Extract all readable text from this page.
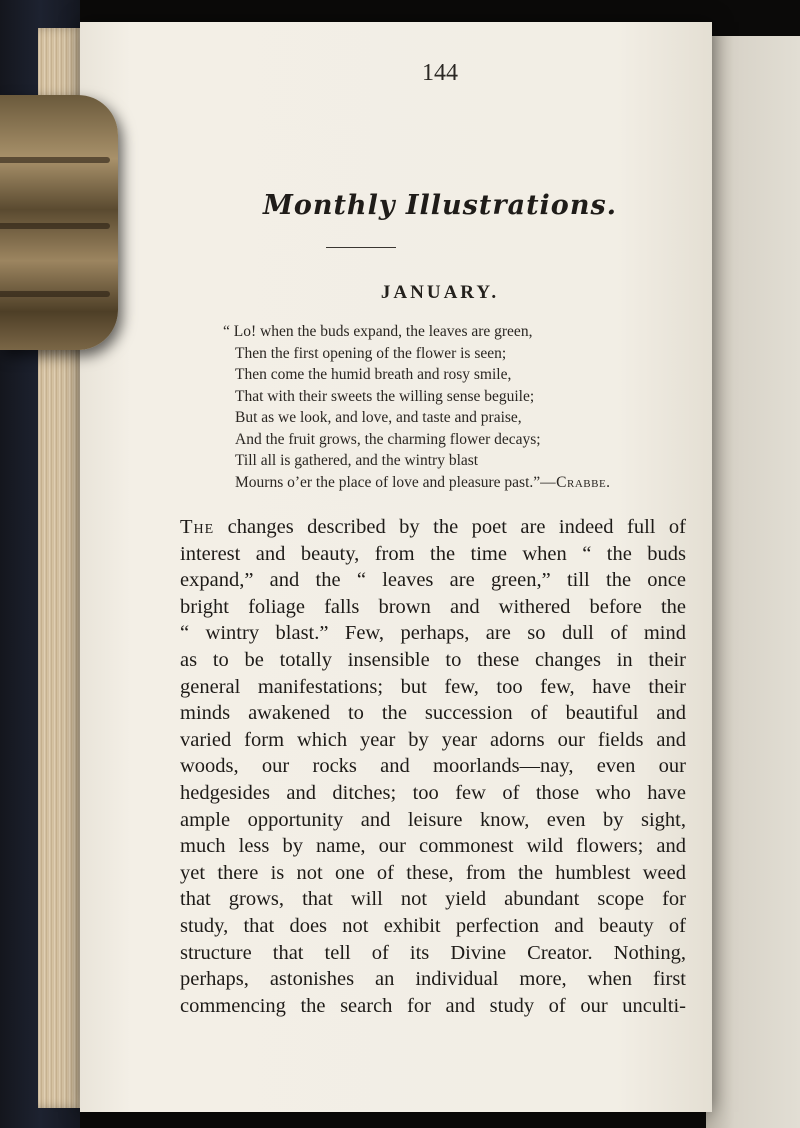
144
Monthly Illustrations.
JANUARY.
“ Lo! when the buds expand, the leaves are green,
Then the first opening of the flower is seen;
Then come the humid breath and rosy smile,
That with their sweets the willing sense beguile;
But as we look, and love, and taste and praise,
And the fruit grows, the charming flower decays;
Till all is gathered, and the wintry blast
Mourns o’er the place of love and pleasure past.”—Crabbe.
The changes described by the poet are indeed full of
interest and beauty, from the time when “ the buds
expand,” and the “ leaves are green,” till the once
bright foliage falls brown and withered before the
“ wintry blast.” Few, perhaps, are so dull of mind
as to be totally insensible to these changes in their
general manifestations; but few, too few, have their
minds awakened to the succession of beautiful and
varied form which year by year adorns our fields and
woods, our rocks and moorlands—nay, even our
hedgesides and ditches; too few of those who have
ample opportunity and leisure know, even by sight,
much less by name, our commonest wild flowers; and
yet there is not one of these, from the humblest weed
that grows, that will not yield abundant scope for
study, that does not exhibit perfection and beauty of
structure that tell of its Divine Creator. Nothing,
perhaps, astonishes an individual more, when first
commencing the search for and study of our unculti-
